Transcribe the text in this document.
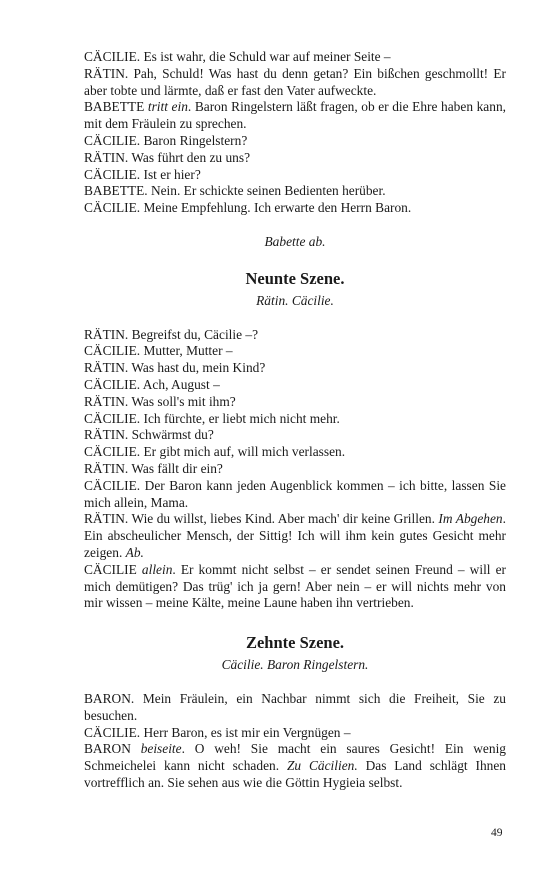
CÄCILIE. Es ist wahr, die Schuld war auf meiner Seite –
RÄTIN. Pah, Schuld! Was hast du denn getan? Ein bißchen geschmollt! Er aber tobte und lärmte, daß er fast den Vater aufweckte.
BABETTE tritt ein. Baron Ringelstern läßt fragen, ob er die Ehre haben kann, mit dem Fräulein zu sprechen.
CÄCILIE. Baron Ringelstern?
RÄTIN. Was führt den zu uns?
CÄCILIE. Ist er hier?
BABETTE. Nein. Er schickte seinen Bedienten herüber.
CÄCILIE. Meine Empfehlung. Ich erwarte den Herrn Baron.
Babette ab.
Neunte Szene.
Rätin. Cäcilie.
RÄTIN. Begreifst du, Cäcilie –?
CÄCILIE. Mutter, Mutter –
RÄTIN. Was hast du, mein Kind?
CÄCILIE. Ach, August –
RÄTIN. Was soll's mit ihm?
CÄCILIE. Ich fürchte, er liebt mich nicht mehr.
RÄTIN. Schwärmst du?
CÄCILIE. Er gibt mich auf, will mich verlassen.
RÄTIN. Was fällt dir ein?
CÄCILIE. Der Baron kann jeden Augenblick kommen – ich bitte, lassen Sie mich allein, Mama.
RÄTIN. Wie du willst, liebes Kind. Aber mach' dir keine Grillen. Im Abgehen. Ein abscheulicher Mensch, der Sittig! Ich will ihm kein gutes Gesicht mehr zeigen. Ab.
CÄCILIE allein. Er kommt nicht selbst – er sendet seinen Freund – will er mich demütigen? Das trüg' ich ja gern! Aber nein – er will nichts mehr von mir wissen – meine Kälte, meine Laune haben ihn vertrieben.
Zehnte Szene.
Cäcilie. Baron Ringelstern.
BARON. Mein Fräulein, ein Nachbar nimmt sich die Freiheit, Sie zu besuchen.
CÄCILIE. Herr Baron, es ist mir ein Vergnügen –
BARON beiseite. O weh! Sie macht ein saures Gesicht! Ein wenig Schmeichelei kann nicht schaden. Zu Cäcilien. Das Land schlägt Ihnen vortrefflich an. Sie sehen aus wie die Göttin Hygieia selbst.
49
